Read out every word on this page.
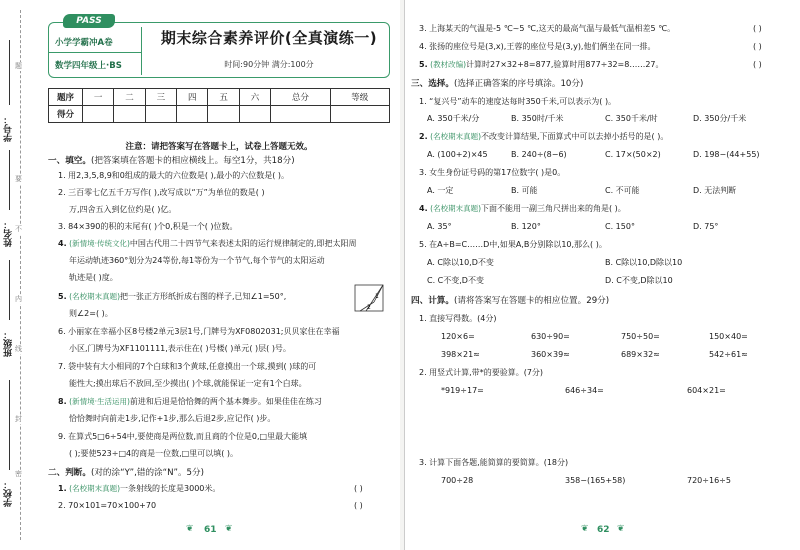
题
要
不
内
线
封
密
学号：
姓名：
班级：
学校：
PASS
小学学霸冲A卷
数学四年级上·BS
期末综合素养评价(全真演练一)
时间:90分钟 满分:100分
题序	一	二	三	四	五	六	总分	等级
得分								
注意：请把答案写在答题卡上，试卷上答题无效。
一、填空。(把答案填在答题卡的相应横线上。每空1分，共18分)
1. 用2,3,5,8,9和0组成的最大的六位数是( ),最小的六位数是( )。
2. 三百零七亿五千万写作( ),改写成以“万”为单位的数是( )
万,四舍五入到亿位约是( )亿。
3. 84×390的积的末尾有( )个0,积是一个( )位数。
4. (新情境·传统文化)中国古代用二十四节气来表述太阳的运行规律制定的,即把太阳周
年运动轨迹360°划分为24等份,每1等份为一个节气,每个节气的太阳运动
轨迹是( )度。
5. (名校期末真题)把一张正方形纸折成右图的样子,已知∠1=50°,
则∠2=( )。
1
2
6. 小丽家在幸福小区8号楼2单元3层1号,门牌号为XF0802031;贝贝家住在幸福
小区,门牌号为XF1101111,表示住在( )号楼( )单元( )层( )号。
7. 袋中装有大小相同的7个白球和3个黄球,任意摸出一个球,摸到( )球的可
能性大;摸出球后不放回,至少摸出( )个球,就能保证一定有1个白球。
8. (新情境·生活运用)前进和后退是恰恰舞的两个基本舞步。如果佳佳在练习
恰恰舞时向前走1步,记作+1步,那么后退2步,应记作( )步。
9. 在算式5□6÷54中,要使商是两位数,而且商的个位是0,□里最大能填
( );要使523÷□4的商是一位数,□里可以填( )。
二、判断。(对的涂“Y”,错的涂“N”。5分)
1. (名校期末真题)一条射线的长度是3000米。	( )
2. 70×101=70×100+70	( )
❦ 61 ❦
3. 上海某天的气温是-5 ℃~5 ℃,这天的最高气温与最低气温相差5 ℃。	( )
4. 张扬的座位号是(3,x),王蓉的座位号是(3,y),他们俩坐在同一排。	( )
5. (教材改编)计算时27×32+8=877,验算时用877÷32=8……27。	( )
三、选择。(选择正确答案的序号填涂。10分)
1. “复兴号”动车的速度达每时350千米,可以表示为( )。
A. 350千米/分	B. 350时/千米	C. 350千米/时	D. 350分/千米
2. (名校期末真题)不改变计算结果,下面算式中可以去掉小括号的是( )。
A. (100+2)×45	B. 240÷(8−6)	C. 17×(50×2)	D. 198−(44+55)
3. 女生身份证号码的第17位数字( )是0。
A. 一定	B. 可能	C. 不可能	D. 无法判断
4. (名校期末真题)下面不能用一副三角尺拼出来的角是( )。
A. 35°	B. 120°	C. 150°	D. 75°
5. 在A÷B=C……D中,如果A,B分别除以10,那么( )。
A. C除以10,D不变	B. C除以10,D除以10
C. C不变,D不变	D. C不变,D除以10
四、计算。(请将答案写在答题卡的相应位置。29分)
1. 直接写得数。(4分)
120×6=	630÷90=	750÷50=	150×40=
398×21≈	360×39≈	689×32≈	542÷61≈
2. 用竖式计算,带*的要验算。(7分)
*919÷17=	646÷34=	604×21=
3. 计算下面各题,能简算的要简算。(18分)
700÷28	358−(165+58)	720÷16÷5
❦ 62 ❦
